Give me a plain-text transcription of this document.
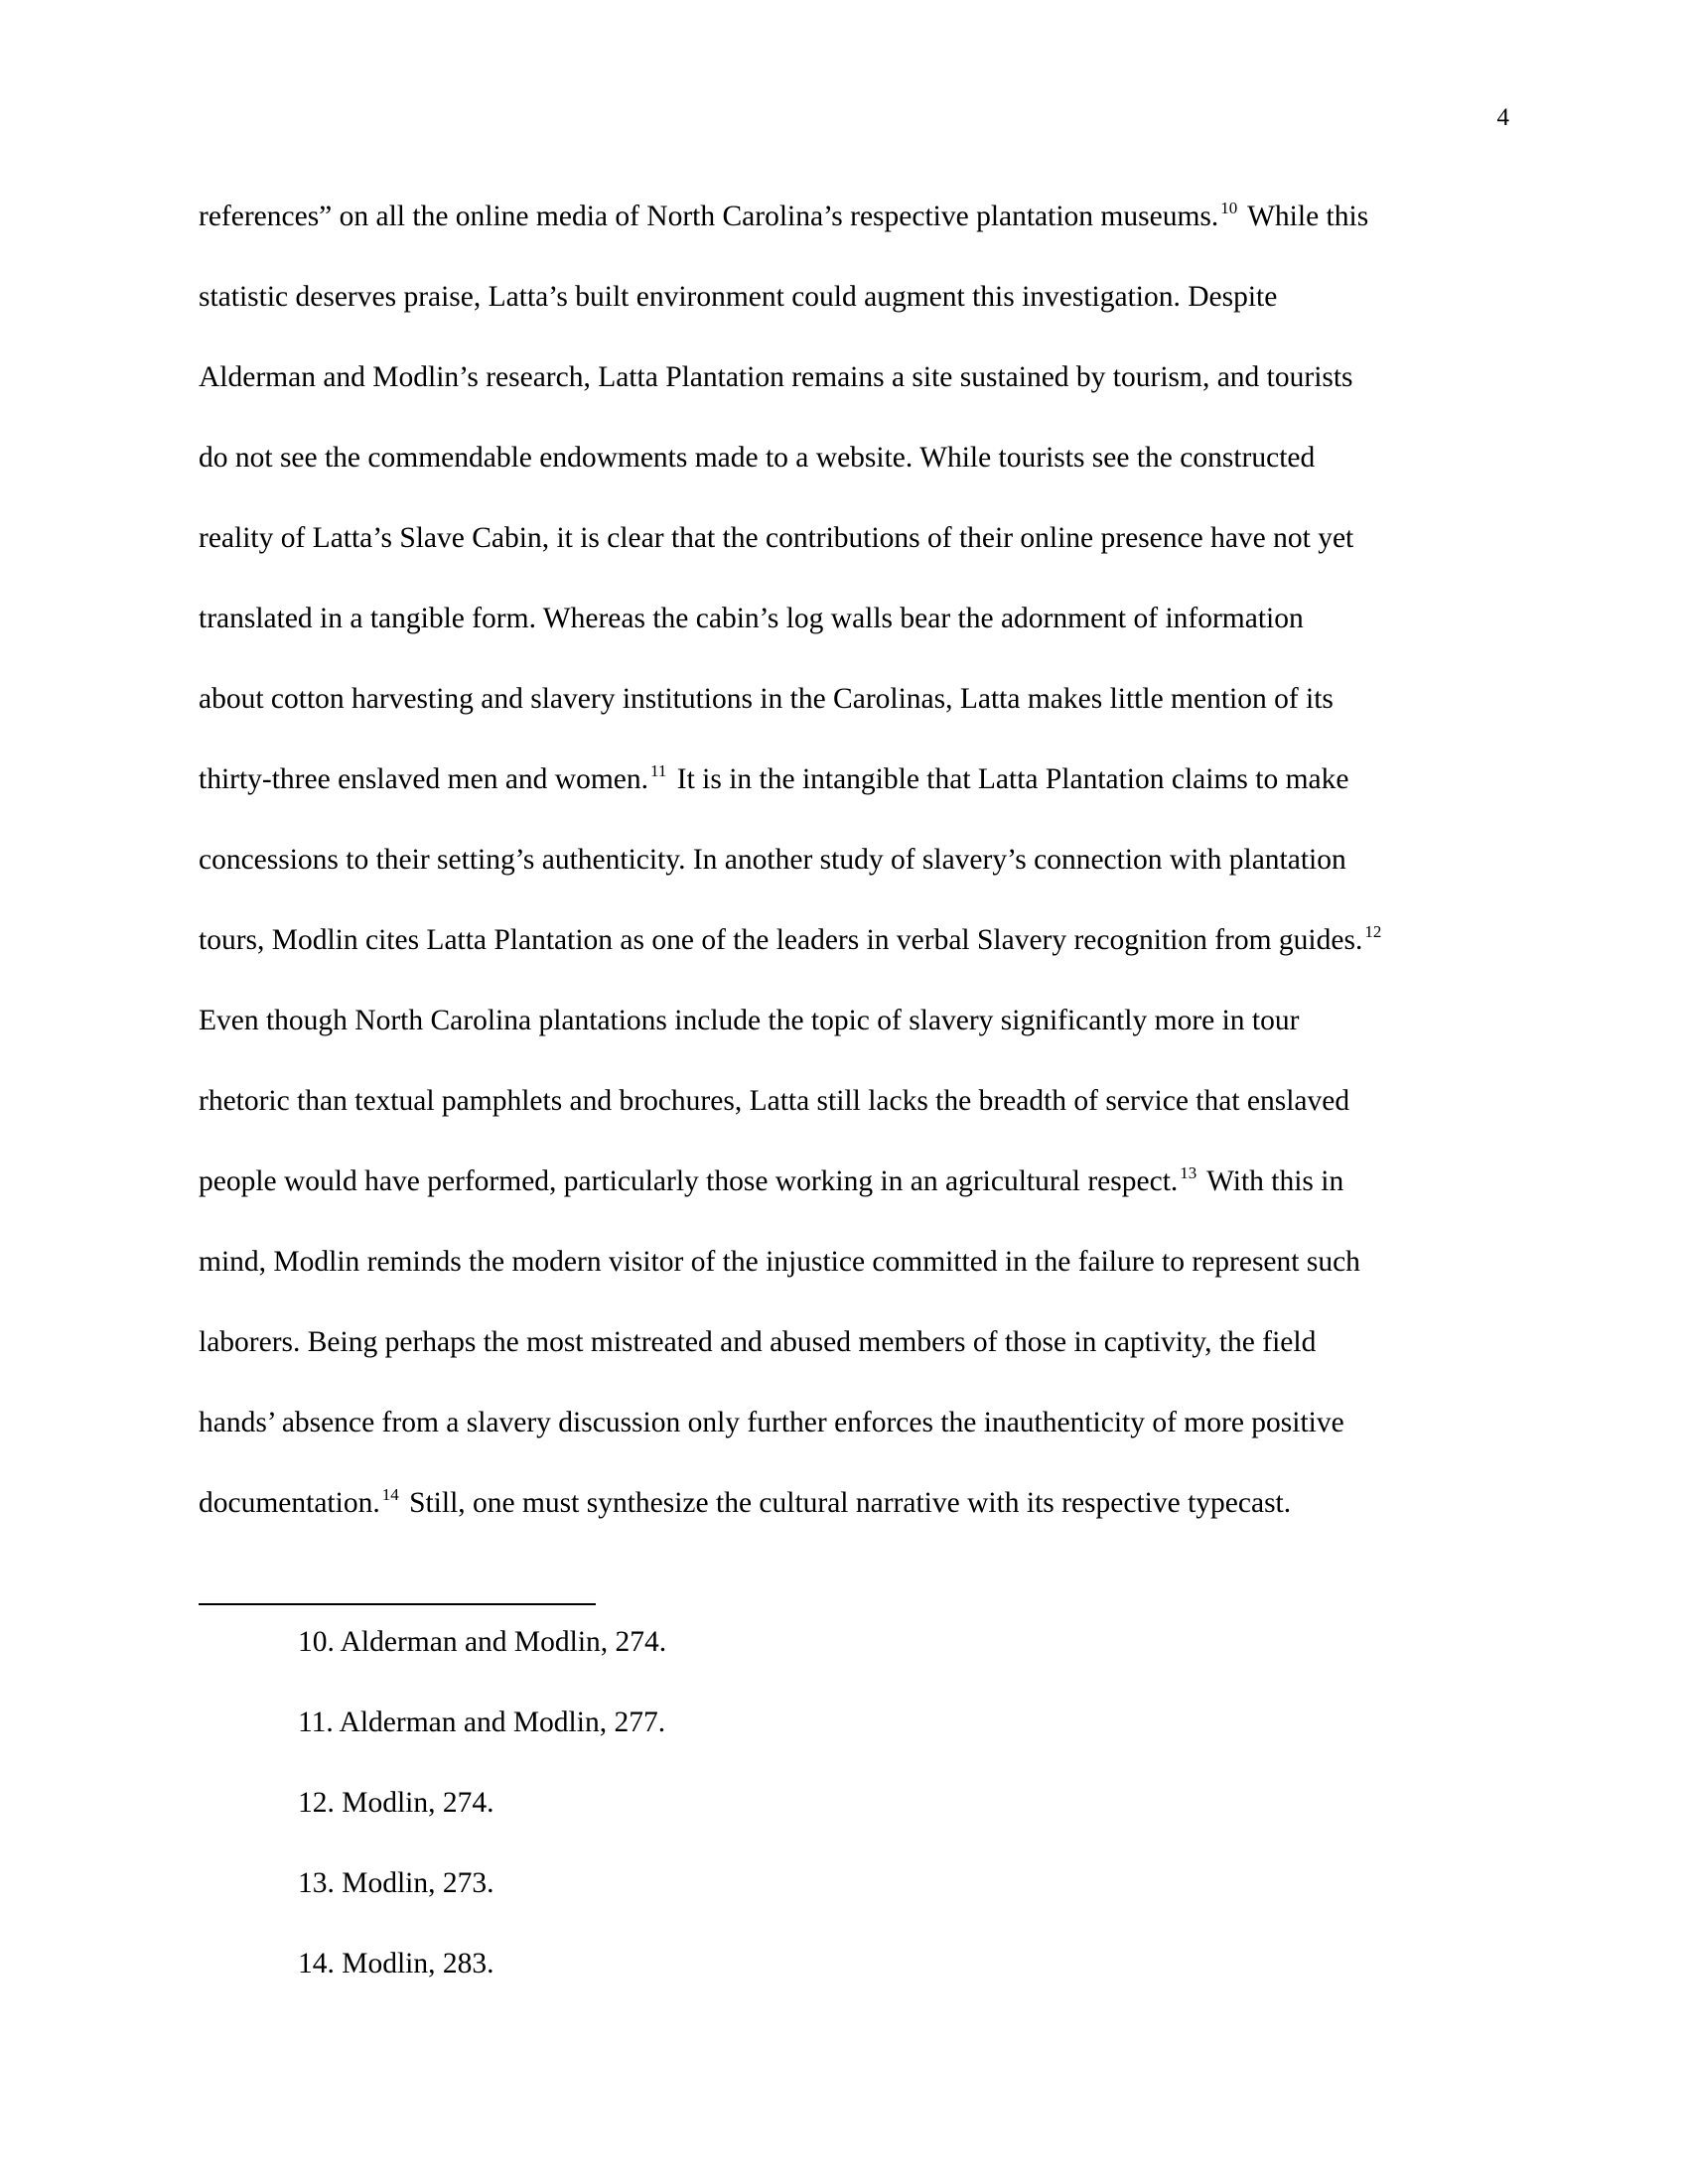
4
references” on all the online media of North Carolina’s respective plantation museums. $^{10}$ While this
statistic deserves praise, Latta’s built environment could augment this investigation. Despite
Alderman and Modlin’s research, Latta Plantation remains a site sustained by tourism, and tourists
do not see the commendable endowments made to a website. While tourists see the constructed
reality of Latta’s Slave Cabin, it is clear that the contributions of their online presence have not yet
translated in a tangible form. Whereas the cabin’s log walls bear the adornment of information
about cotton harvesting and slavery institutions in the Carolinas, Latta makes little mention of its
thirty-three enslaved men and women. $^{11}$ It is in the intangible that Latta Plantation claims to make
concessions to their setting’s authenticity. In another study of slavery’s connection with plantation
tours, Modlin cites Latta Plantation as one of the leaders in verbal Slavery recognition from guides. $^{12}$
Even though North Carolina plantations include the topic of slavery significantly more in tour
rhetoric than textual pamphlets and brochures, Latta still lacks the breadth of service that enslaved
people would have performed, particularly those working in an agricultural respect. $^{13}$ With this in
mind, Modlin reminds the modern visitor of the injustice committed in the failure to represent such
laborers. Being perhaps the most mistreated and abused members of those in captivity, the field
hands’ absence from a slavery discussion only further enforces the inauthenticity of more positive
documentation. $^{14}$ Still, one must synthesize the cultural narrative with its respective typecast.
10. Alderman and Modlin, 274.
11. Alderman and Modlin, 277.
12. Modlin, 274.
13. Modlin, 273.
14. Modlin, 283.
